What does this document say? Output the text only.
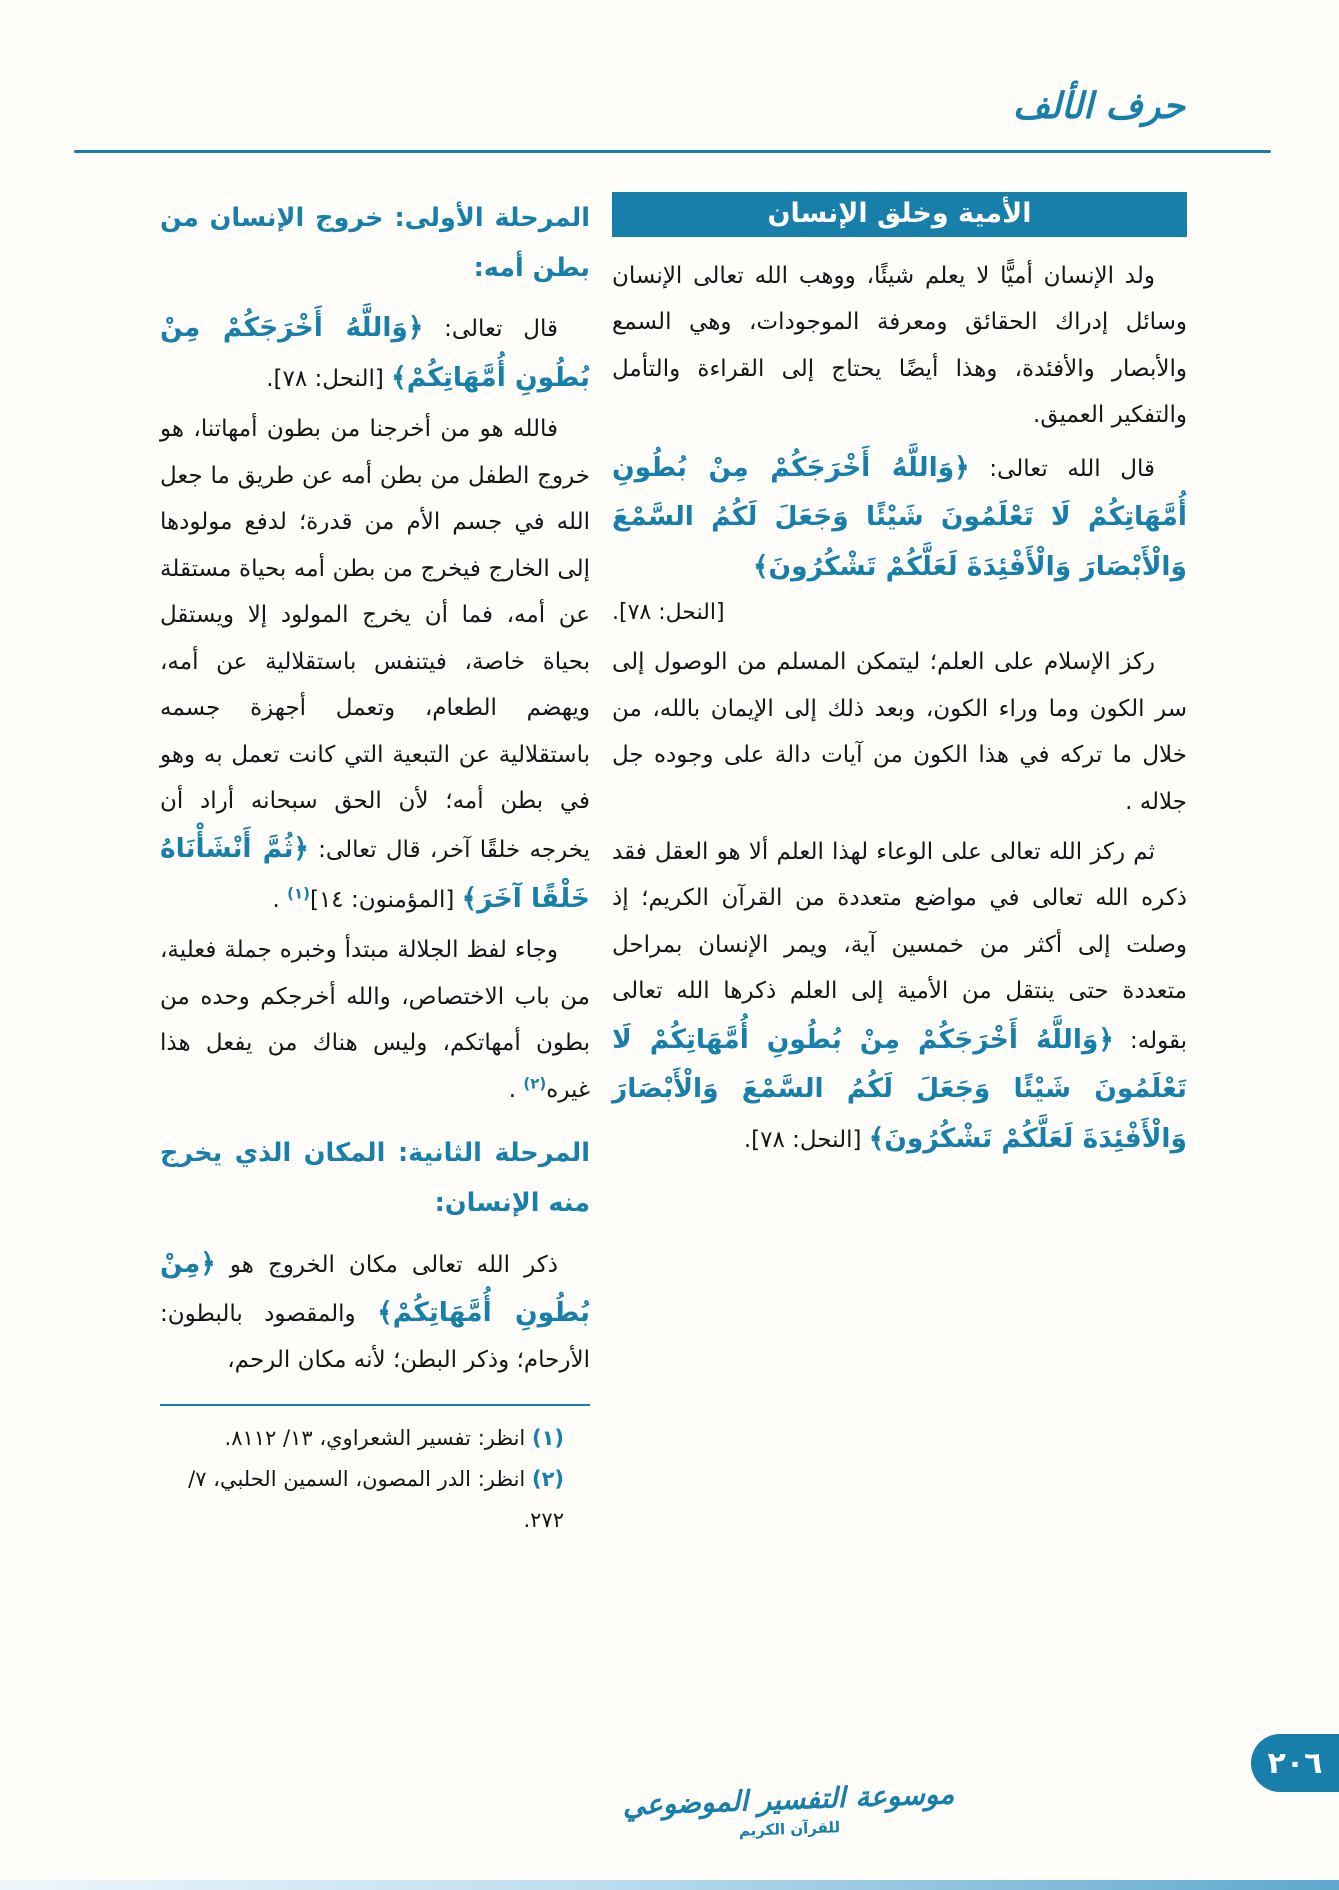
حرف الألف
الأمية وخلق الإنسان

ولد الإنسان أميًّا لا يعلم شيئًا، ووهب الله تعالى الإنسان وسائل إدراك الحقائق ومعرفة الموجودات، وهي السمع والأبصار والأفئدة، وهذا أيضًا يحتاج إلى القراءة والتأمل والتفكير العميق.

قال الله تعالى: ﴿وَاللَّهُ أَخْرَجَكُمْ مِنْ بُطُونِ أُمَّهَاتِكُمْ لَا تَعْلَمُونَ شَيْئًا وَجَعَلَ لَكُمُ السَّمْعَ وَالْأَبْصَارَ وَالْأَفْئِدَةَ لَعَلَّكُمْ تَشْكُرُونَ﴾

[النحل: ٧٨].

ركز الإسلام على العلم؛ ليتمكن المسلم من الوصول إلى سر الكون وما وراء الكون، وبعد ذلك إلى الإيمان بالله، من خلال ما تركه في هذا الكون من آيات دالة على وجوده جل جلاله .

ثم ركز الله تعالى على الوعاء لهذا العلم ألا هو العقل فقد ذكره الله تعالى في مواضع متعددة من القرآن الكريم؛ إذ وصلت إلى أكثر من خمسين آية، ويمر الإنسان بمراحل متعددة حتى ينتقل من الأمية إلى العلم ذكرها الله تعالى بقوله: ﴿وَاللَّهُ أَخْرَجَكُمْ مِنْ بُطُونِ أُمَّهَاتِكُمْ لَا تَعْلَمُونَ شَيْئًا وَجَعَلَ لَكُمُ السَّمْعَ وَالْأَبْصَارَ وَالْأَفْئِدَةَ لَعَلَّكُمْ تَشْكُرُونَ﴾ [النحل: ٧٨].

المرحلة الأولى: خروج الإنسان من بطن أمه:

قال تعالى: ﴿وَاللَّهُ أَخْرَجَكُمْ مِنْ بُطُونِ أُمَّهَاتِكُمْ﴾ [النحل: ٧٨].

فالله هو من أخرجنا من بطون أمهاتنا، هو خروج الطفل من بطن أمه عن طريق ما جعل الله في جسم الأم من قدرة؛ لدفع مولودها إلى الخارج فيخرج من بطن أمه بحياة مستقلة عن أمه، فما أن يخرج المولود إلا ويستقل بحياة خاصة، فيتنفس باستقلالية عن أمه، ويهضم الطعام، وتعمل أجهزة جسمه باستقلالية عن التبعية التي كانت تعمل به وهو في بطن أمه؛ لأن الحق سبحانه أراد أن يخرجه خلقًا آخر، قال تعالى: ﴿ثُمَّ أَنْشَأْنَاهُ خَلْقًا آخَرَ﴾ [المؤمنون: ١٤]$^{(١)}$ .

وجاء لفظ الجلالة مبتدأ وخبره جملة فعلية، من باب الاختصاص، والله أخرجكم وحده من بطون أمهاتكم، وليس هناك من يفعل هذا غيره$^{(٢)}$ .

المرحلة الثانية: المكان الذي يخرج منه الإنسان:

ذكر الله تعالى مكان الخروج هو ﴿مِنْ بُطُونِ أُمَّهَاتِكُمْ﴾ والمقصود بالبطون: الأرحام؛ وذكر البطن؛ لأنه مكان الرحم،

(١) انظر: تفسير الشعراوي، ١٣/ ٨١١٢.

(٢) انظر: الدر المصون، السمين الحلبي، ٧/ ٢٧٢.

موسوعة التفسير الموضوعي
للقرآن الكريم
٢٠٦
